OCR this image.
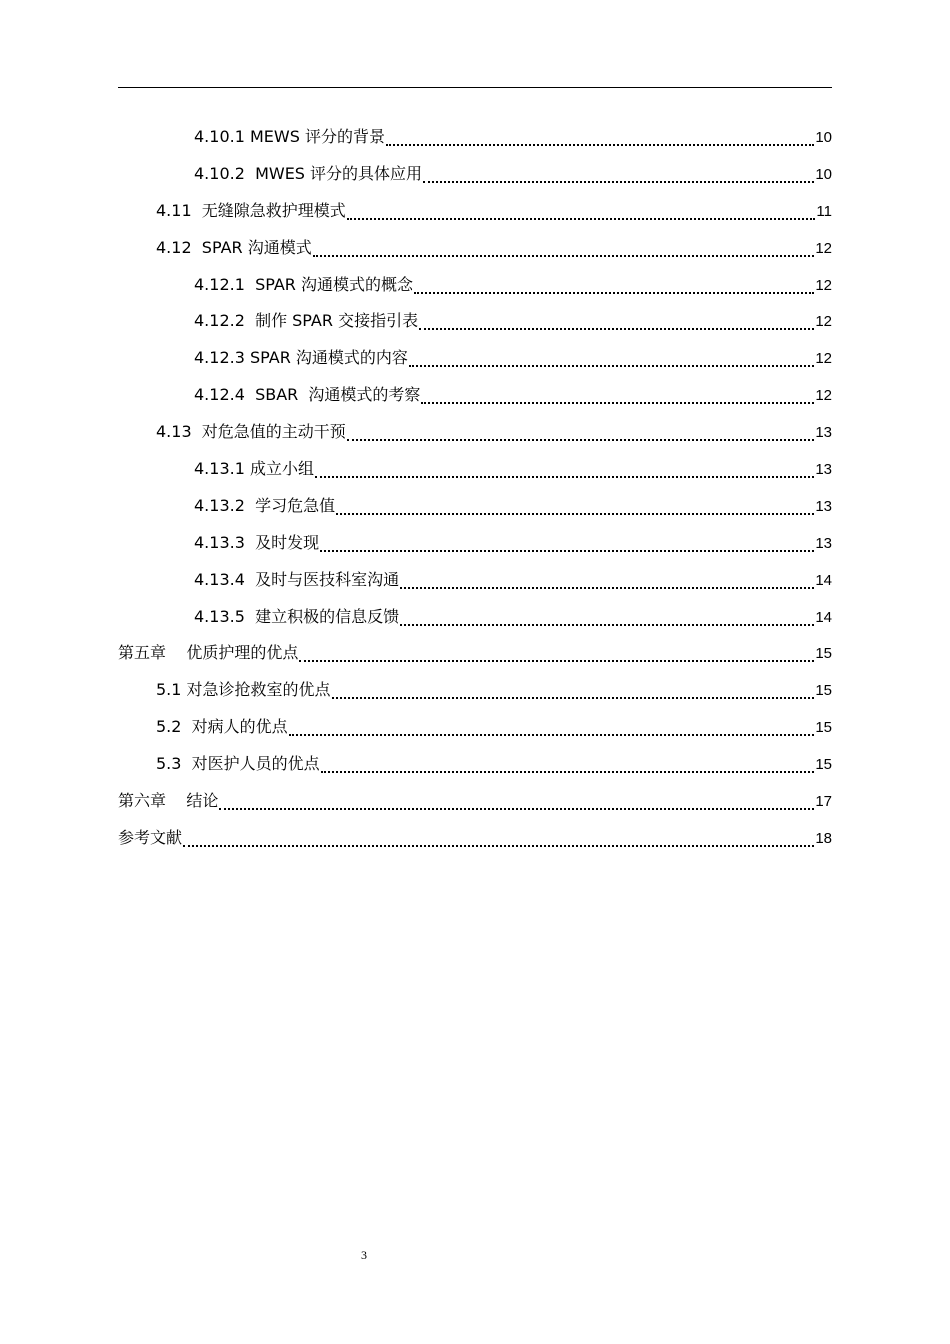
4.10.1 MEWS 评分的背景	10
4.10.2  MWES 评分的具体应用	10
4.11  无缝隙急救护理模式	11
4.12  SPAR 沟通模式	12
4.12.1  SPAR 沟通模式的概念	12
4.12.2  制作 SPAR 交接指引表	12
4.12.3 SPAR 沟通模式的内容	12
4.12.4  SBAR  沟通模式的考察	12
4.13  对危急值的主动干预	13
4.13.1 成立小组	13
4.13.2  学习危急值	13
4.13.3  及时发现	13
4.13.4  及时与医技科室沟通	14
4.13.5  建立积极的信息反馈	14
第五章    优质护理的优点	15
5.1 对急诊抢救室的优点	15
5.2  对病人的优点	15
5.3  对医护人员的优点	15
第六章    结论	17
参考文献	18
3
